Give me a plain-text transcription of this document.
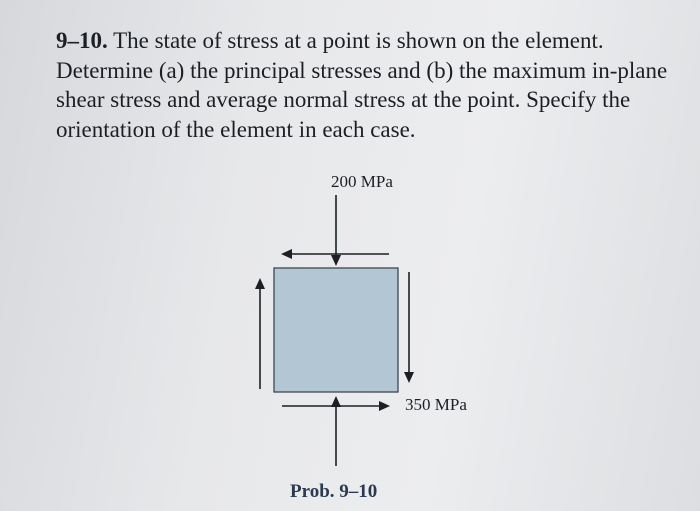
9–10. The state of stress at a point is shown on the element. Determine (a) the principal stresses and (b) the maximum in-plane shear stress and average normal stress at the point. Specify the orientation of the element in each case.

200 MPa
350 MPa
Prob. 9–10
